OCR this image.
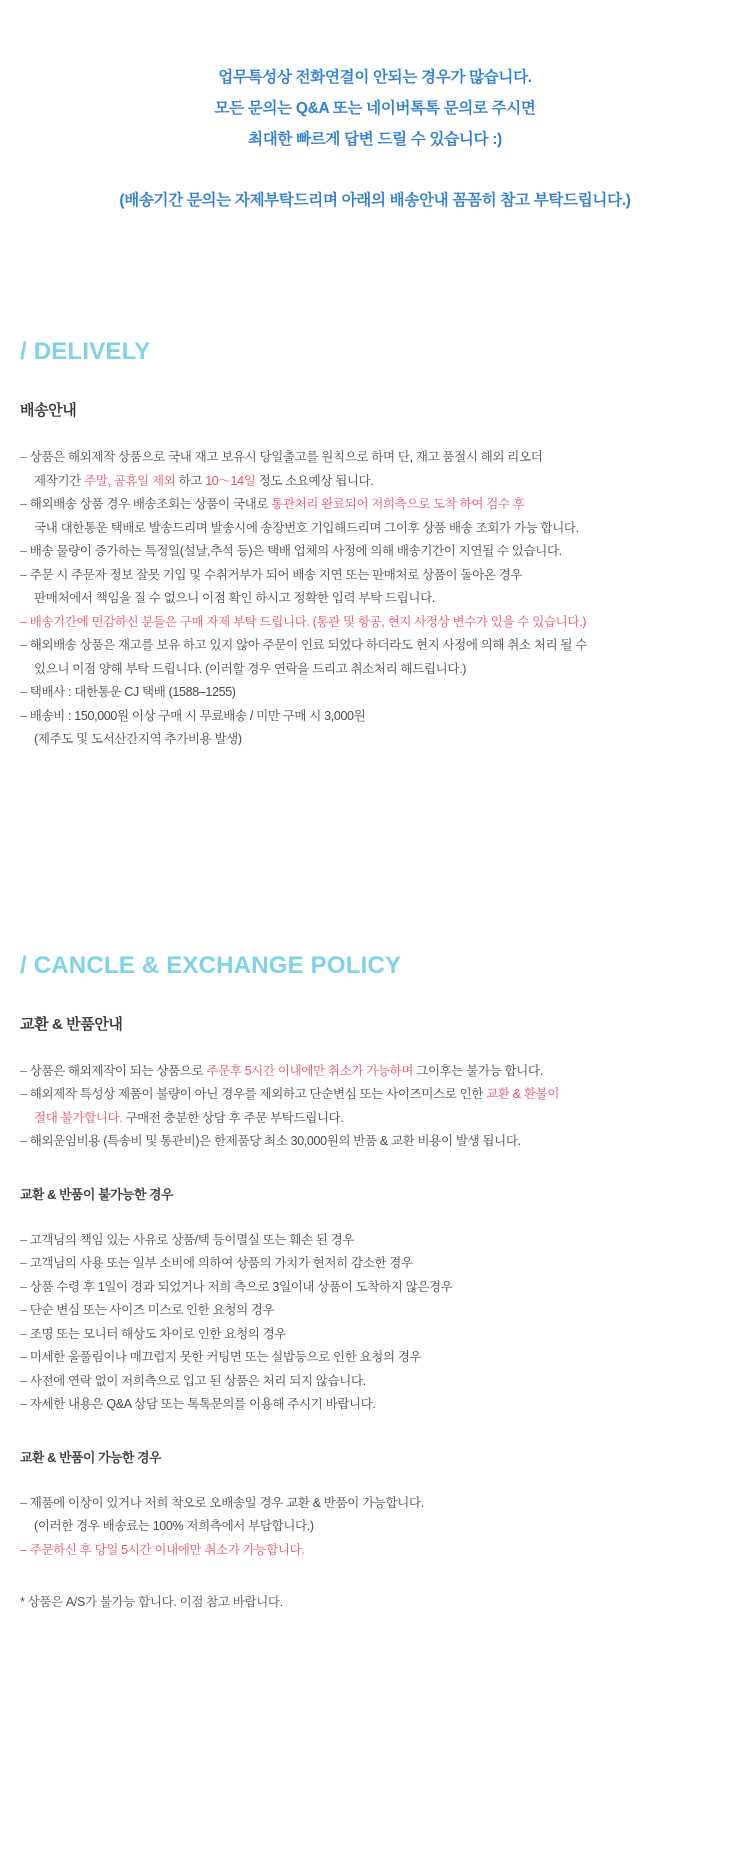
업무특성상 전화연결이 안되는 경우가 많습니다.
모든 문의는 Q&A 또는 네이버톡톡 문의로 주시면
최대한 빠르게 답변 드릴 수 있습니다 :)
(배송기간 문의는 자제부탁드리며 아래의 배송안내 꼼꼼히 참고 부탁드립니다.)
/ DELIVELY
배송안내
– 상품은 해외제작 상품으로 국내 재고 보유시 당일출고를 원칙으로 하며 단, 재고 품절시 해외 리오더
제작기간 주말, 공휴일 제외 하고 10〜14일 정도 소요예상 됩니다.
– 해외배송 상품 경우 배송조회는 상품이 국내로 통관처리 완료되어 저희측으로 도착 하여 검수 후
국내 대한통운 택배로 발송드리며 발송시에 송장번호 기입해드리며 그이후 상품 배송 조회가 가능 합니다.
– 배송 물량이 증가하는 특정일(설날,추석 등)은 택배 업체의 사정에 의해 배송기간이 지연될 수 있습니다.
– 주문 시 주문자 정보 잘못 기입 및 수취거부가 되어 배송 지연 또는 판매처로 상품이 돌아온 경우
판매처에서 책임을 질 수 없으니 이점 확인 하시고 정확한 입력 부탁 드립니다.
– 배송기간에 민감하신 분들은 구매 자제 부탁 드립니다. (통관 및 항공, 현지 사정상 변수가 있을 수 있습니다.)
– 해외배송 상품은 재고를 보유 하고 있지 않아 주문이 인료 되었다 하더라도 현지 사정에 의해 취소 처리 될 수
있으니 이점 양해 부탁 드립니다. (이러할 경우 연락을 드리고 취소처리 해드립니다.)
– 택배사 : 대한통운 CJ 택배 (1588–1255)
– 배송비 : 150,000원 이상 구매 시 무료배송 / 미만 구매 시 3,000원
(제주도 및 도서산간지역 추가비용 발생)
/ CANCLE & EXCHANGE POLICY
교환 & 반품안내
– 상품은 해외제작이 되는 상품으로 주문후 5시간 이내에만 취소가 가능하며 그이후는 불가능 합니다.
– 해외제작 특성상 제품이 불량이 아닌 경우를 제외하고 단순변심 또는 사이즈미스로 인한 교환 & 환불이
절대 불가합니다. 구매전 충분한 상담 후 주문 부탁드립니다.
– 해외운임비용 (특송비 및 통관비)은 한제품당 최소 30,000원의 반품 & 교환 비용이 발생 됩니다.
교환 & 반품이 불가능한 경우
– 고객님의 책임 있는 사유로 상품/택 등이멸실 또는 훼손 된 경우
– 고객님의 사용 또는 일부 소비에 의하여 상품의 가치가 현저히 감소한 경우
– 상품 수령 후 1일이 경과 되었거나 저희 측으로 3일이내 상품이 도착하지 않은경우
– 단순 변심 또는 사이즈 미스로 인한 요청의 경우
– 조명 또는 모니터 해상도 차이로 인한 요청의 경우
– 미세한 울풀림이나 매끄럽지 못한 커팅면 또는 실밥등으로 인한 요청의 경우
– 사전에 연락 없이 저희측으로 입고 된 상품은 처리 되지 않습니다.
– 자세한 내용은 Q&A 상담 또는 톡톡문의를 이용해 주시기 바랍니다.
교환 & 반품이 가능한 경우
– 제품에 이상이 있거나 저희 착오로 오배송일 경우 교환 & 반품이 가능합니다.
(이러한 경우 배송료는 100% 저희측에서 부담합니다.)
– 주문하신 후 당일 5시간 이내에만 취소가 가능합니다.
* 상품은 A/S가 불가능 합니다. 이점 참고 바랍니다.
